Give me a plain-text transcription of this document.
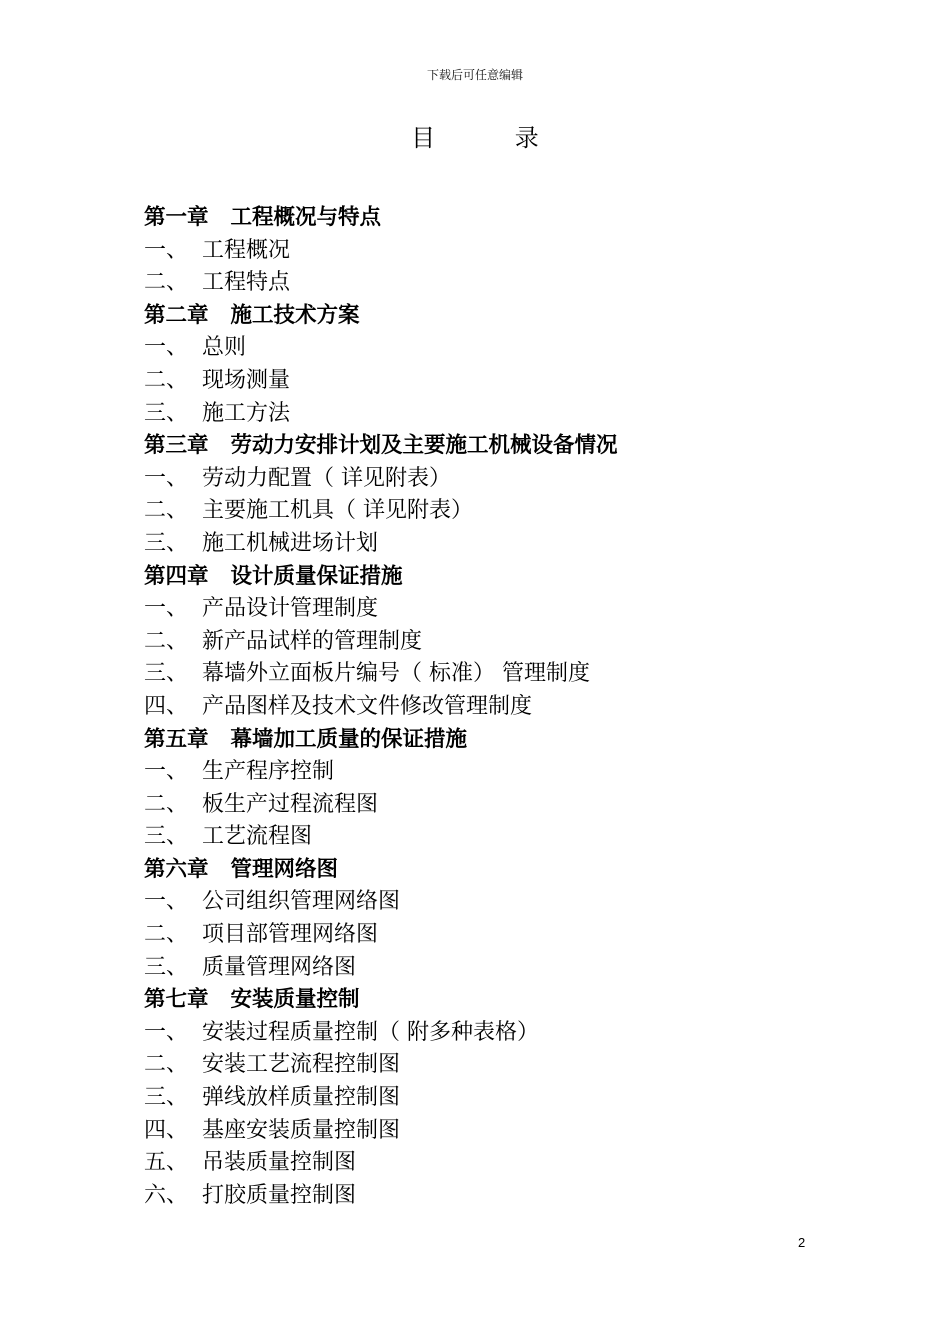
下载后可任意编辑

目 录
第一章 工程概况与特点
一、 工程概况
二、 工程特点
第二章 施工技术方案
一、 总则
二、 现场测量
三、 施工方法
第三章 劳动力安排计划及主要施工机械设备情况
一、 劳动力配置（ 详见附表）
二、 主要施工机具（ 详见附表）
三、 施工机械进场计划
第四章 设计质量保证措施
一、 产品设计管理制度
二、 新产品试样的管理制度
三、 幕墙外立面板片编号（ 标准） 管理制度
四、 产品图样及技术文件修改管理制度
第五章 幕墙加工质量的保证措施
一、 生产程序控制
二、 板生产过程流程图
三、 工艺流程图
第六章 管理网络图
一、 公司组织管理网络图
二、 项目部管理网络图
三、 质量管理网络图
第七章 安装质量控制
一、 安装过程质量控制（ 附多种表格）
二、 安装工艺流程控制图
三、 弹线放样质量控制图
四、 基座安装质量控制图
五、 吊装质量控制图
六、 打胶质量控制图

2
